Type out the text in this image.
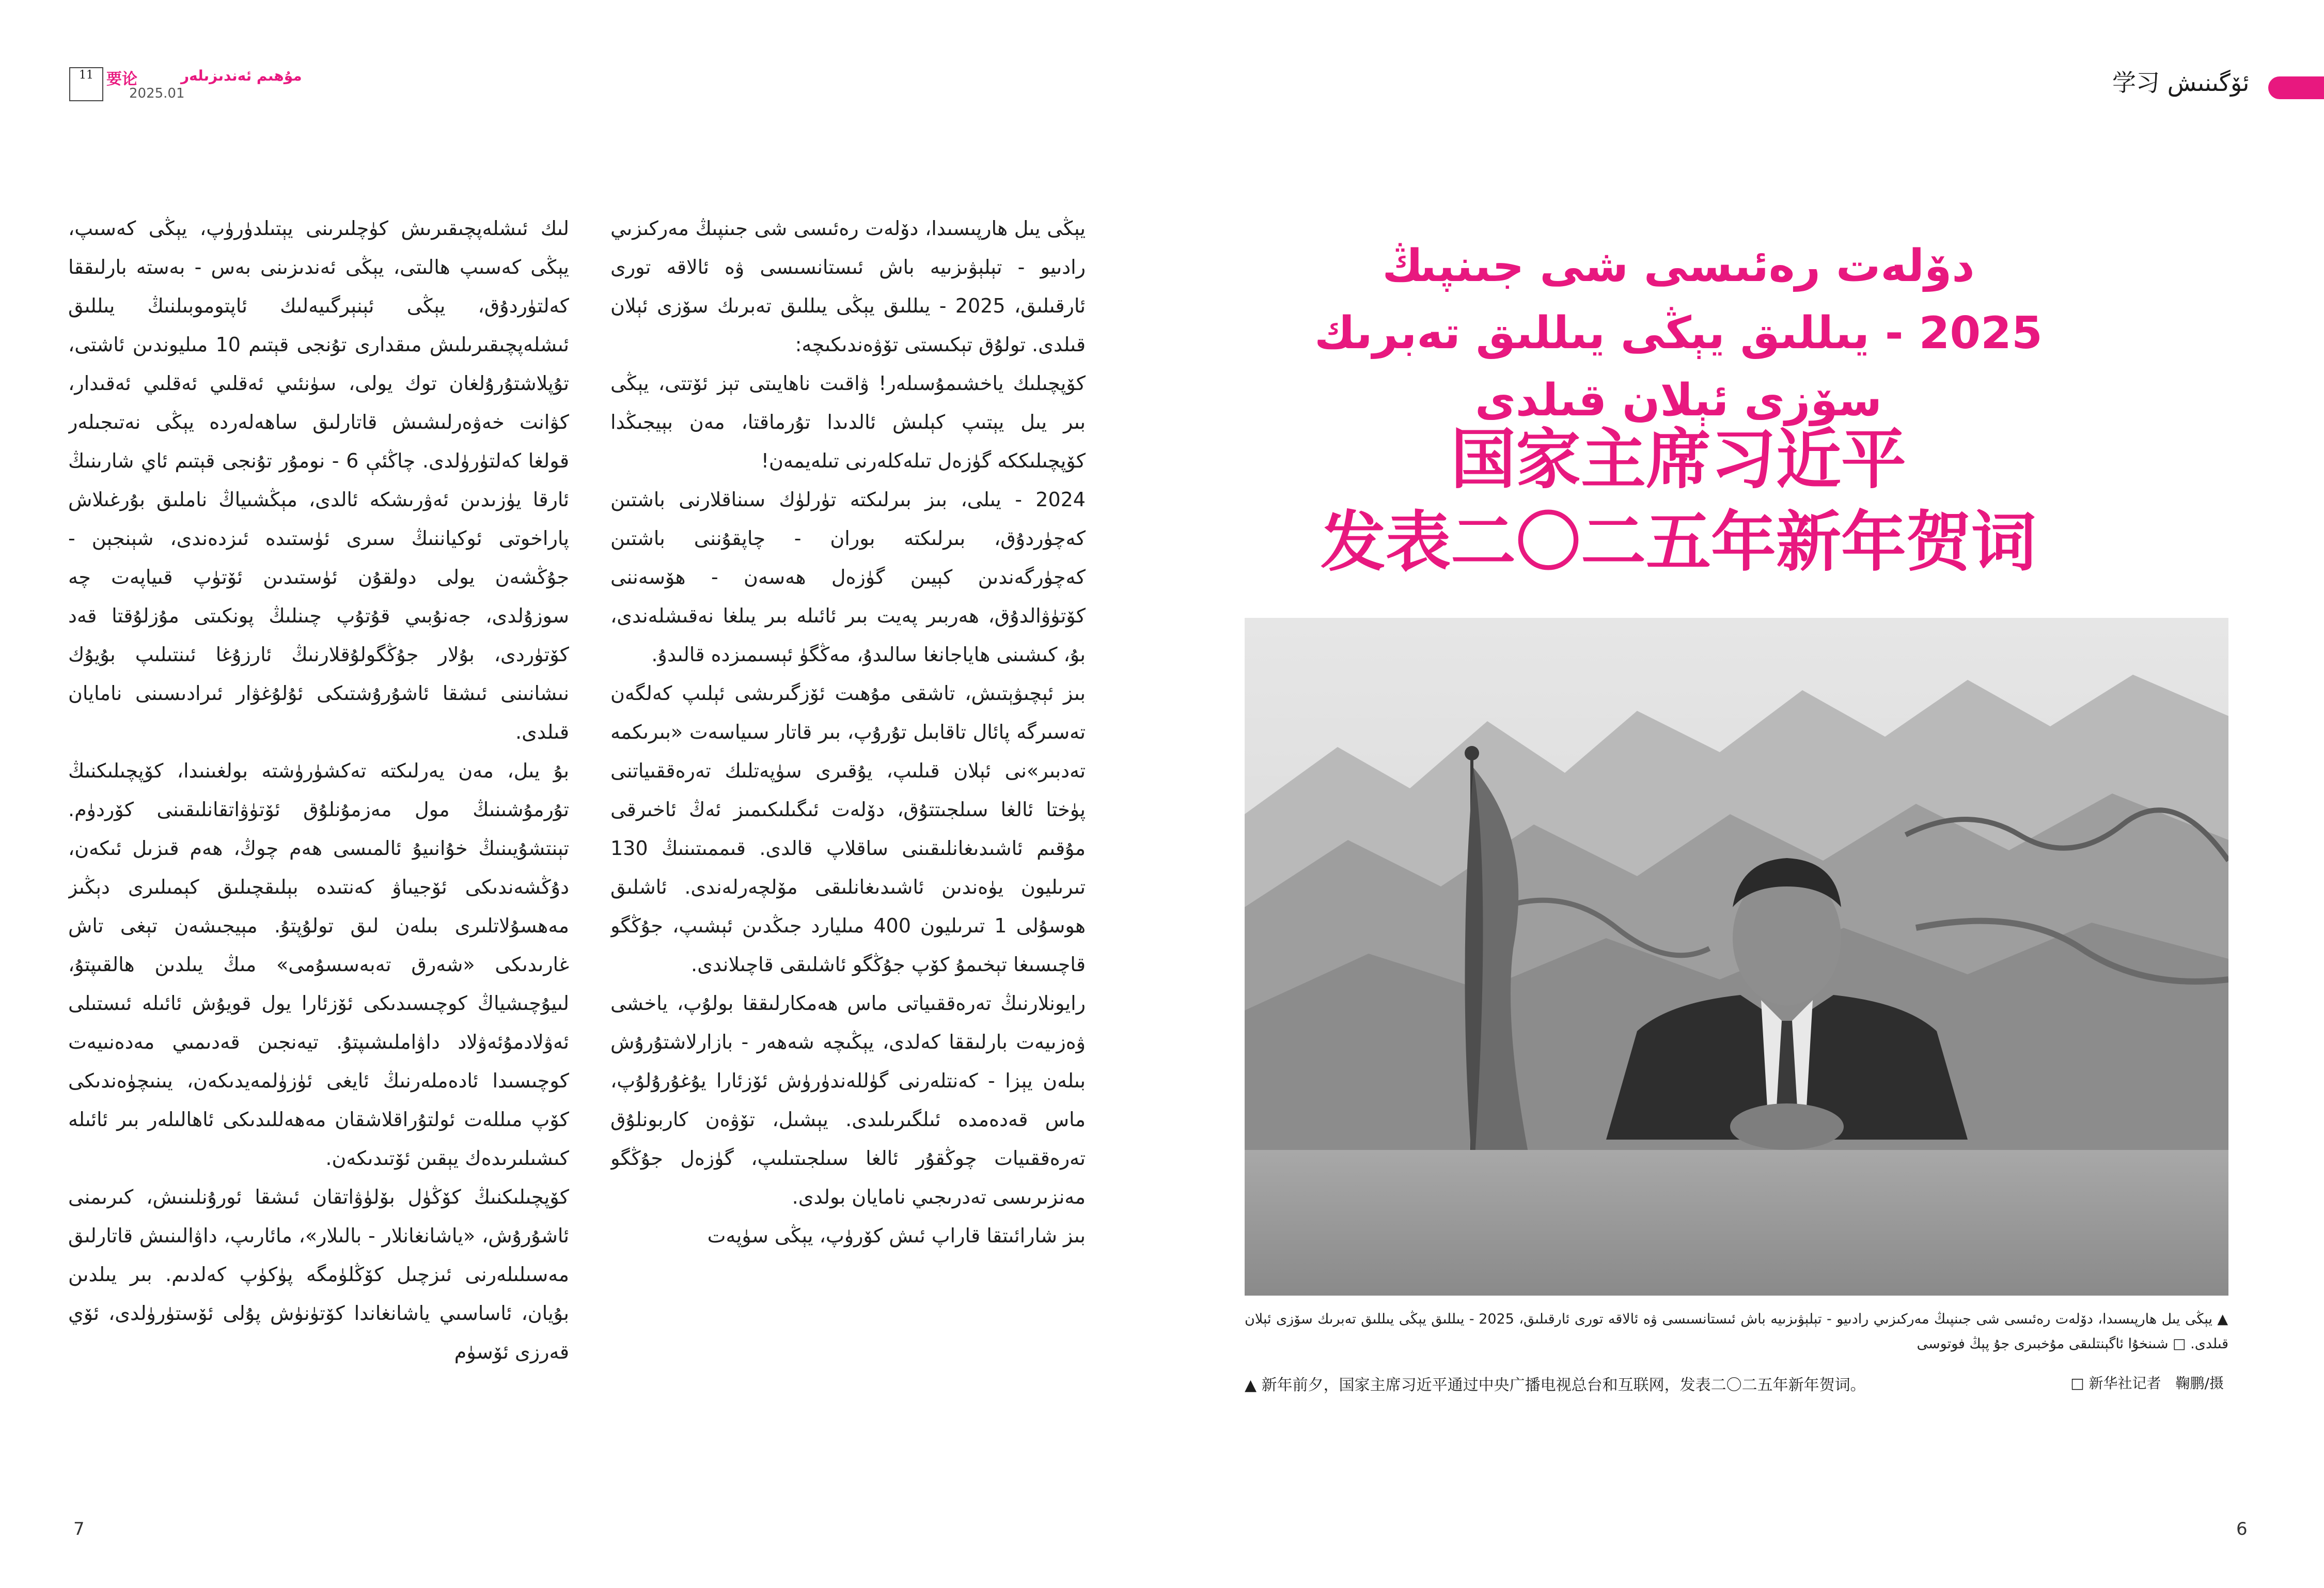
11 要论
2025.01
مۇھىم ئەندىزىلەر	学习 ئۆگىنىش

لىك ئىشلەپچىقىرىش كۈچلىرىنى يېتىلدۈرۈپ، يېڭى كەسىپ، يېڭى كەسىپ ھالىتى، يېڭى ئەندىزىنى بەس - بەستە بارلىققا كەلتۈردۇق، يېڭى ئېنېرگىيەلىك ئاپتوموبىلنىڭ يىللىق ئىشلەپچىقىرىلىش مىقدارى تۇنجى قېتىم 10 مىليوندىن ئاشتى، تۇپلاشتۇرۇلغان توك يولى، سۈنئىي ئەقلىي ئەقلىي ئەقىدار، كۋانت خەۋەرلىشىش قاتارلىق ساھەلەردە يېڭى نەتىجىلەر قولغا كەلتۈرۈلدى. چاڭئې 6 - نومۇر تۇنجى قېتىم ئاي شارىنىڭ ئارقا يۈزىدىن ئەۋرىشكە ئالدى، مېڭشىياڭ ناملىق بۇرغىلاش پاراخوتى ئوكياننىڭ سىرى ئۈستىدە ئىزدەندى، شېنجېن - جۇڭشەن يولى دولقۇن ئۈستىدىن ئۆتۈپ قىياپەت چە سوزۇلدى، جەنۇبىي قۇتۇپ چىنلىڭ پونكىتى مۇزلۇقتا قەد كۆتۈردى، بۇلار جۇڭگولۇقلارنىڭ ئارزۇغا ئىنتىلىپ بۇيۇك نىشانىنى ئىشقا ئاشۇرۇشتىكى ئۇلۇغۋار ئىرادىسىنى نامايان قىلدى.

بۇ يىل، مەن يەرلىكتە تەكشۈرۈشتە بولغىنىدا، كۆپچىلىكنىڭ تۇرمۇشىنىڭ مول مەزمۇنلۇق ئۆتۈۋاتقانلىقىنى كۆردۈم. تېنتشۇيىنىڭ خۇانىيۇ ئالمىسى ھەم چوڭ، ھەم قىزىل ئىكەن، دۇڭشەندىكى ئۆجيىاۋ كەنتىدە بېلىقچىلىق كېمىلىرى دېڭىز مەھسۇلاتلىرى بىلەن لىق تولۇپتۇ. مېيجىشەن تېغى تاش غارىدىكى «شەرق تەبەسسۇمى» مىڭ يىلدىن ھالقىپتۇ، لىيۇچىشياڭ كوچىسىدىكى ئۆزئارا يول قويۇش ئائىلە ئىستىلى ئەۋلادمۇئەۋلاد داۋاملىشىپتۇ. تيەنجىن قەدىمىي مەدەنىيەت كوچىسىدا ئادەملەرنىڭ ئايغى ئۈزۈلمەيدىكەن، يىنىچۈەندىكى كۆپ مىللەت ئولتۇراقلاشقان مەھەللىدىكى ئاھالىلەر بىر ئائىلە كىشىلىرىدەك يېقىن ئۆتىدىكەن.

كۆپچىلىكنىڭ كۆڭۈل بۆلۈۋاتقان ئىشقا ئورۇنلىنىش، كىرىمنى ئاشۇرۇش، «ياشانغانلار - بالىلار»، مائارىپ، داۋالىنىش قاتارلىق مەسىلىلەرنى ئىزچىل كۆڭلۈمگە پۈكۈپ كەلدىم. بىر يىلدىن بۇيان، ئاساسىي ياشانغاندا كۆتۈنۈش پۇلى ئۆستۈرۈلدى، ئۆي قەرزى ئۆسۈم

يېڭى يىل ھارپىسىدا، دۆلەت رەئىسى شى جىنپىڭ مەركىزىي رادىيو - تېلېۋىزىيە باش ئىستانسىسى ۋە ئالاقە تورى ئارقىلىق، 2025 - يىللىق يېڭى يىللىق تەبرىك سۆزى ئېلان قىلدى. تولۇق تېكىستى تۆۋەندىكىچە:

كۆپچىلىك ياخشىمۇسىلەر! ۋاقىت ناھايىتى تېز ئۆتتى، يېڭى بىر يىل يېتىپ كېلىش ئالدىدا تۇرماقتا، مەن بېيجىڭدا كۆپچىلىككە گۈزەل تىلەكلەرنى تىلەيمەن!

2024 - يىلى، بىز بىرلىكتە تۈرلۈك سىناقلارنى باشتىن كەچۈردۇق، بىرلىكتە بوران - چاپقۇننى باشتىن كەچۈرگەندىن كېيىن گۈزەل ھەسەن - ھۆسەننى كۆتۈۋالدۇق، ھەربىر پەيت بىر ئائىلە بىر يىلغا نەقىشلەندى، بۇ، كىشىنى ھاياجانغا سالىدۇ، مەڭگۈ ئېسىمىزدە قالىدۇ.

بىز ئېچىۋېتىش، تاشقى مۇھىت ئۆزگىرىشى ئېلىپ كەلگەن تەسىرگە پائال تاقابىل تۇرۇپ، بىر قاتار سىياسەت «بىرىكمە تەدبىر»نى ئېلان قىلىپ، يۇقىرى سۈپەتلىك تەرەققىياتنى پۈختا ئالغا سىلجىتتۇق، دۆلەت ئىگىلىكىمىز ئەڭ ئاخىرقى مۇقىم ئاشىدىغانلىقىنى ساقلاپ قالدى. قىممىتىنىڭ 130 تىرىليون يۈەندىن ئاشىدىغانلىقى مۆلچەرلەندى. ئاشلىق ھوسۇلى 1 تىرىليون 400 مىليارد جىڭدىن ئېشىپ، جۇڭگو قاچىسىغا تېخىمۇ كۆپ جۇڭگو ئاشلىقى قاچىلاندى.

رايونلارنىڭ تەرەققىياتى ماس ھەمكارلىققا بولۇپ، ياخشى ۋەزىيەت بارلىققا كەلدى، يېڭىچە شەھەر - بازارلاشتۇرۇش بىلەن يېزا - كەنتلەرنى گۈللەندۈرۈش ئۆزئارا يۇغۇرۇلۇپ، ماس قەدەمدە ئىلگىرىلىدى. يېشىل، تۆۋەن كاربونلۇق تەرەققىيات چوڭقۇر ئالغا سىلجىتىلىپ، گۈزەل جۇڭگو مەنزىرىسى تەدرىجىي نامايان بولدى.

بىز شارائىتقا قاراپ ئىش كۆرۈپ، يېڭى سۈپەت

دۆلەت رەئىسى شى جىنپىڭ
2025 - يىللىق يېڭى يىللىق تەبرىك سۆزى ئېلان قىلدى
国家主席习近平
发表二〇二五年新年贺词
▲ يېڭى يىل ھارپىسىدا، دۆلەت رەئىسى شى جىنپىڭ مەركىزىي رادىيو - تېلېۋىزىيە باش ئىستانسىسى ۋە ئالاقە تورى ئارقىلىق، 2025 - يىللىق يېڭى يىللىق تەبرىك سۆزى ئېلان قىلدى. □ شىنخۇا ئاگېنتلىقى مۇخبىرى جۇ پېڭ فوتوسى
▲ 新年前夕，国家主席习近平通过中央广播电视总台和互联网，发表二〇二五年新年贺词。	□ 新华社记者　鞠鹏/摄
7	6
